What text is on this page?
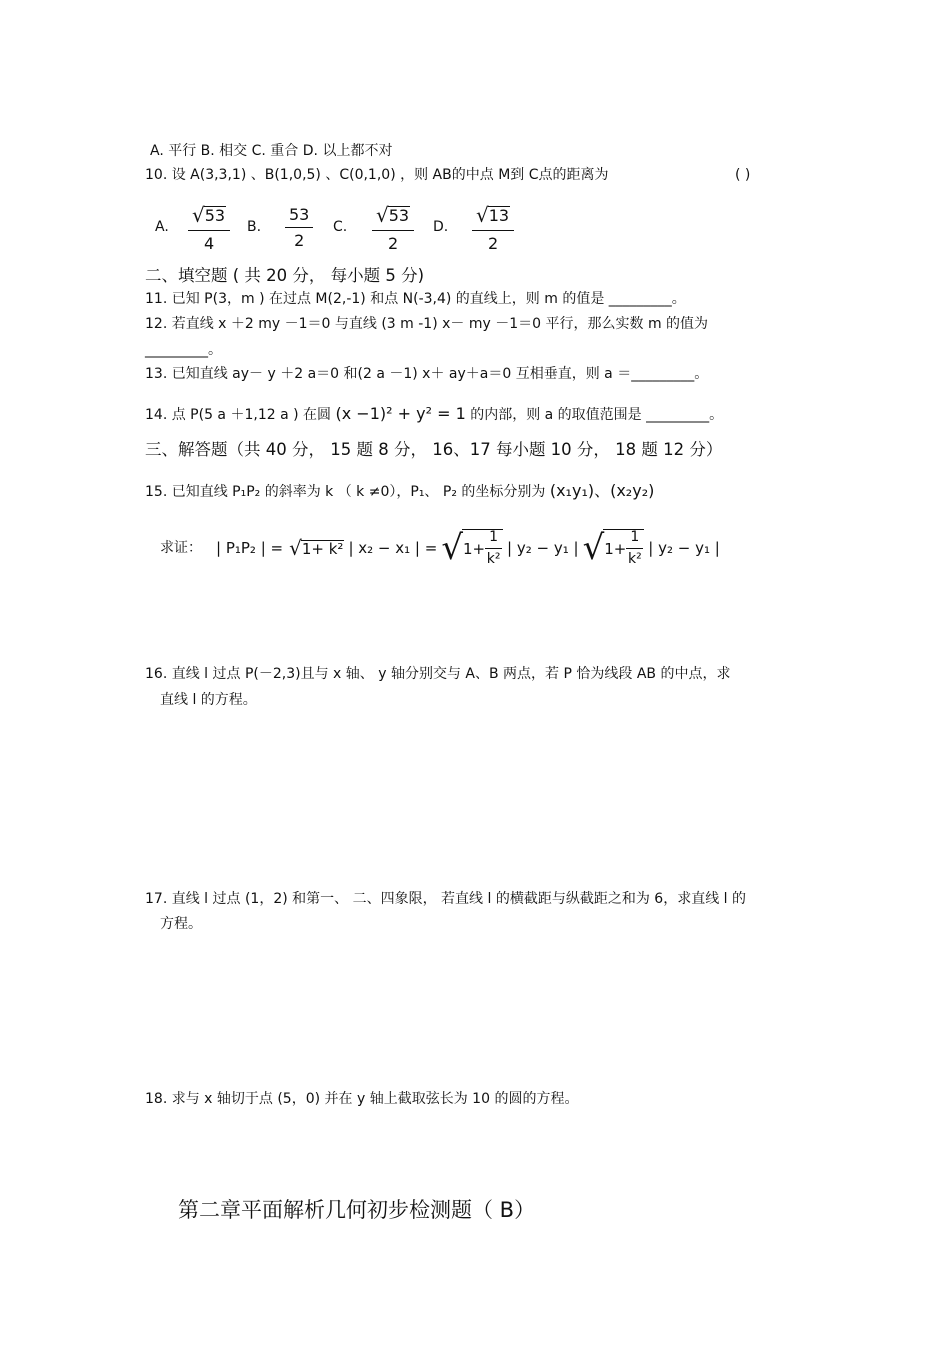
A. 平行 B. 相交 C. 重合 D. 以上都不对
10. 设 A(3,3,1) 、B(1,0,5) 、C(0,1,0) ，则 AB的中点 M到 C点的距离为	( )
A. $\frac{√ 53}{4} B$. $\frac{53}{2} C$. $\frac{√ 53}{2} D$. $\frac{√ 13}{2}$
二、填空题 ( 共 20 分， 每小题 5 分)
11. 已知 P(3，m ) 在过点 M(2,-1) 和点 N(-3,4) 的直线上，则 m 的值是 _________。
12. 若直线 x ＋2 my －1＝0 与直线 (3 m -1) x－ my －1＝0 平行，那么实数 m 的值为
_________。
13. 已知直线 ay－ y ＋2 a＝0 和(2 a －1) x＋ ay＋a＝0 互相垂直，则 a ＝_________。
14. 点 P(5 a ＋1,12 a ) 在圆 (x −1)² + y² = 1 的内部，则 a 的取值范围是 _________。
三、解答题（共 40 分， 15 题 8 分， 16、17 每小题 10 分， 18 题 12 分）
15. 已知直线 P₁P₂ 的斜率为 k （ k ≠0），P₁、 P₂ 的坐标分别为 (x₁y₁)、(x₂y₂)
求证： | P₁P₂ | = √ 1+ k² | x₂ − x₁ | = √ $1+ \frac{1}{\text{k²}}$ | y₂ − y₁ | √ $1+ \frac{1}{\text{k²}}$ | y₂ − y₁ |
16. 直线 l 过点 P(－2,3)且与 x 轴、 y 轴分别交与 A、B 两点，若 P 恰为线段 AB 的中点，求
直线 l 的方程。
17. 直线 l 过点 (1，2) 和第一、 二、四象限， 若直线 l 的横截距与纵截距之和为 6，求直线 l 的
方程。
18. 求与 x 轴切于点 (5，0) 并在 y 轴上截取弦长为 10 的圆的方程。
第二章平面解析几何初步检测题（ B）
